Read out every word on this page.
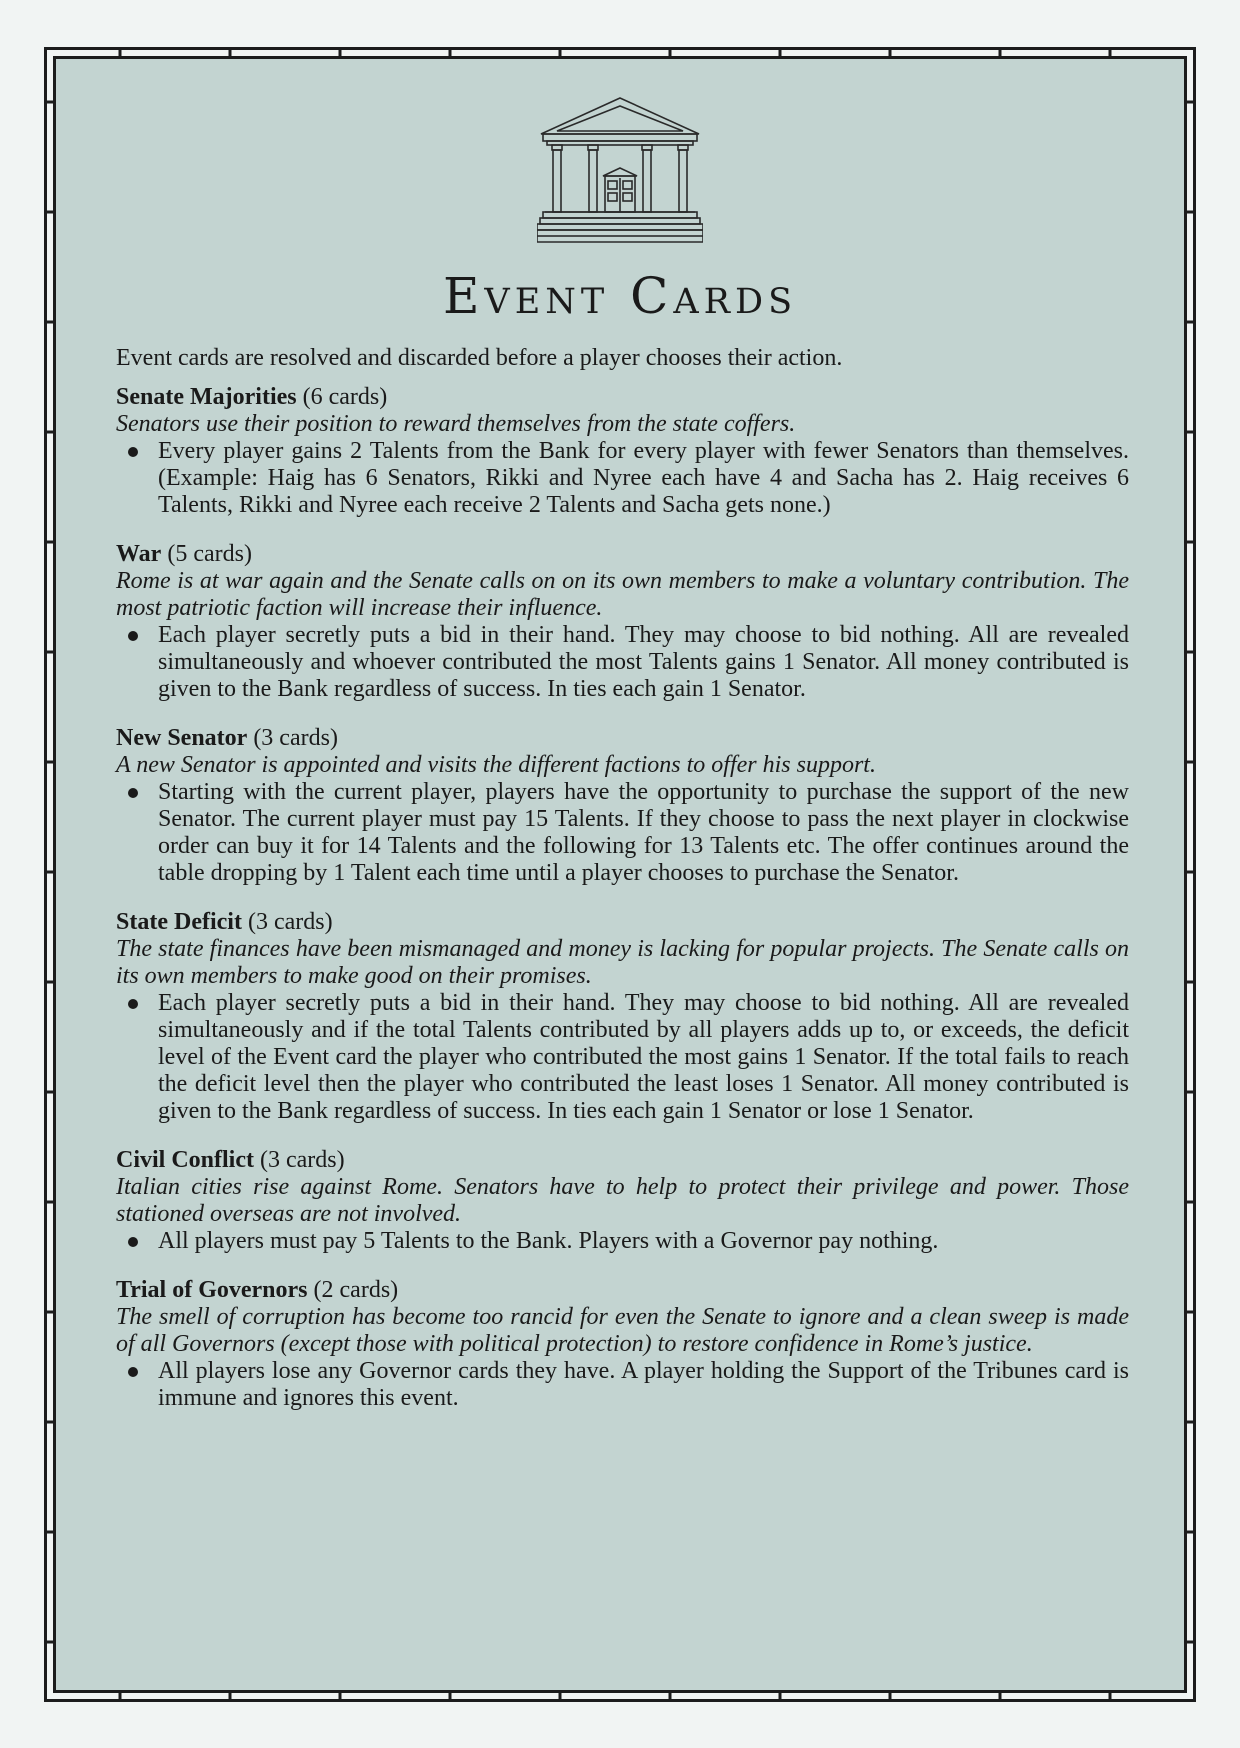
Event Cards

Event cards are resolved and discarded before a player chooses their action.

Senate Majorities (6 cards)

Senators use their position to reward themselves from the state coffers.

Every player gains 2 Talents from the Bank for every player with fewer Senators than themselves. (Example: Haig has 6 Senators, Rikki and Nyree each have 4 and Sacha has 2. Haig receives 6 Talents, Rikki and Nyree each receive 2 Talents and Sacha gets none.)
War (5 cards)

Rome is at war again and the Senate calls on on its own members to make a voluntary contribution. The most patriotic faction will increase their influence.

Each player secretly puts a bid in their hand. They may choose to bid nothing. All are revealed simultaneously and whoever contributed the most Talents gains 1 Senator. All money contributed is given to the Bank regardless of success. In ties each gain 1 Senator.
New Senator (3 cards)

A new Senator is appointed and visits the different factions to offer his support.

Starting with the current player, players have the opportunity to purchase the support of the new Senator. The current player must pay 15 Talents. If they choose to pass the next player in clockwise order can buy it for 14 Talents and the following for 13 Talents etc. The offer continues around the table dropping by 1 Talent each time until a player chooses to purchase the Senator.
State Deficit (3 cards)

The state finances have been mismanaged and money is lacking for popular projects. The Senate calls on its own members to make good on their promises.

Each player secretly puts a bid in their hand. They may choose to bid nothing. All are revealed simultaneously and if the total Talents contributed by all players adds up to, or exceeds, the deficit level of the Event card the player who contributed the most gains 1 Senator. If the total fails to reach the deficit level then the player who contributed the least loses 1 Senator. All money contributed is given to the Bank regardless of success. In ties each gain 1 Senator or lose 1 Senator.
Civil Conflict (3 cards)

Italian cities rise against Rome. Senators have to help to protect their privilege and power. Those stationed overseas are not involved.

All players must pay 5 Talents to the Bank. Players with a Governor pay nothing.
Trial of Governors (2 cards)

The smell of corruption has become too rancid for even the Senate to ignore and a clean sweep is made of all Governors (except those with political protection) to restore confidence in Rome’s justice.

All players lose any Governor cards they have. A player holding the Support of the Tribunes card is immune and ignores this event.
